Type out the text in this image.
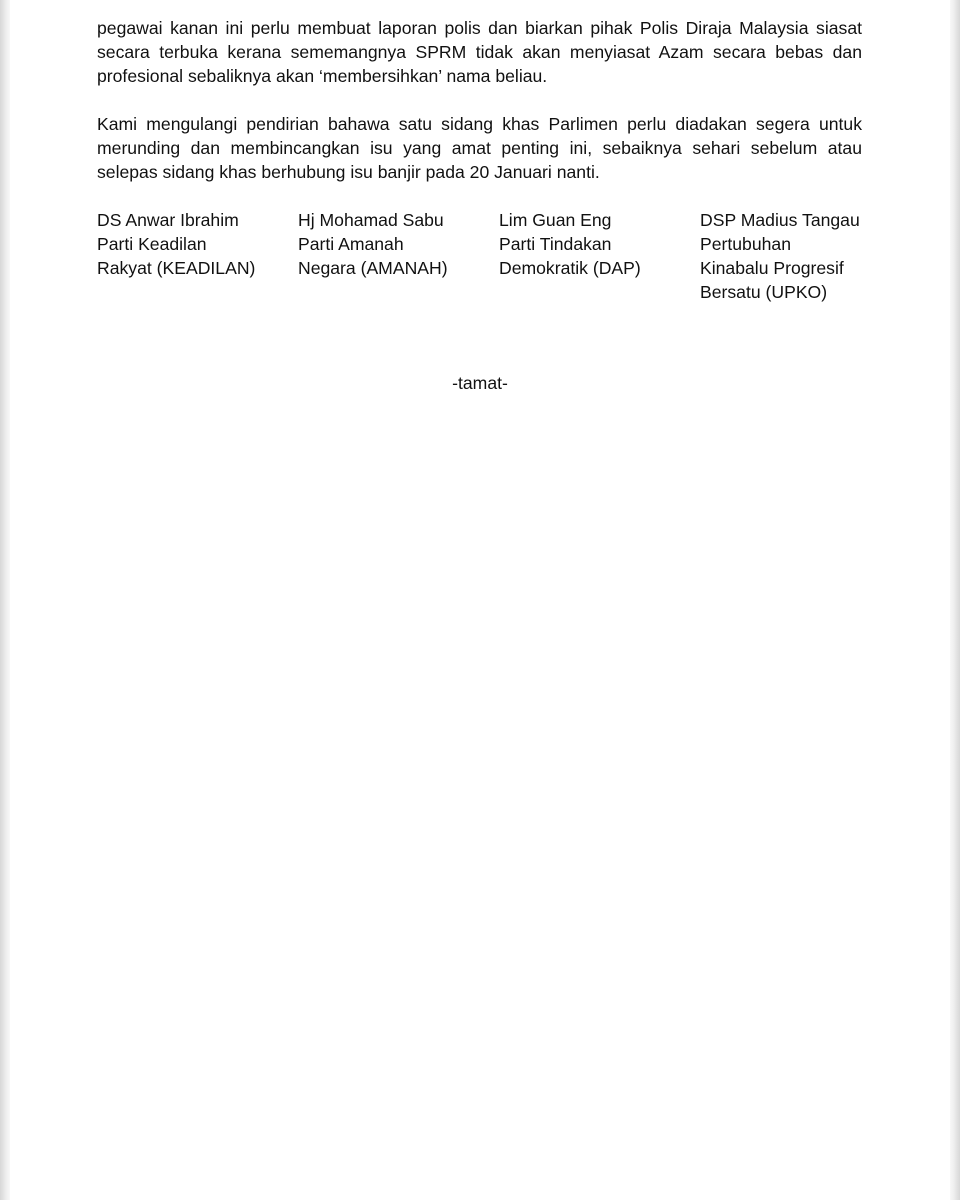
pegawai kanan ini perlu membuat laporan polis dan biarkan pihak Polis Diraja Malaysia siasat secara terbuka kerana sememangnya SPRM tidak akan menyiasat Azam secara bebas dan profesional sebaliknya akan ‘membersihkan’ nama beliau.

Kami mengulangi pendirian bahawa satu sidang khas Parlimen perlu diadakan segera untuk merunding dan membincangkan isu yang amat penting ini, sebaiknya sehari sebelum atau selepas sidang khas berhubung isu banjir pada 20 Januari nanti.

DS Anwar Ibrahim
Parti Keadilan
Rakyat (KEADILAN)
Hj Mohamad Sabu
Parti Amanah
Negara (AMANAH)
Lim Guan Eng
Parti Tindakan
Demokratik (DAP)
DSP Madius Tangau
Pertubuhan
Kinabalu Progresif
Bersatu (UPKO)
-tamat-
